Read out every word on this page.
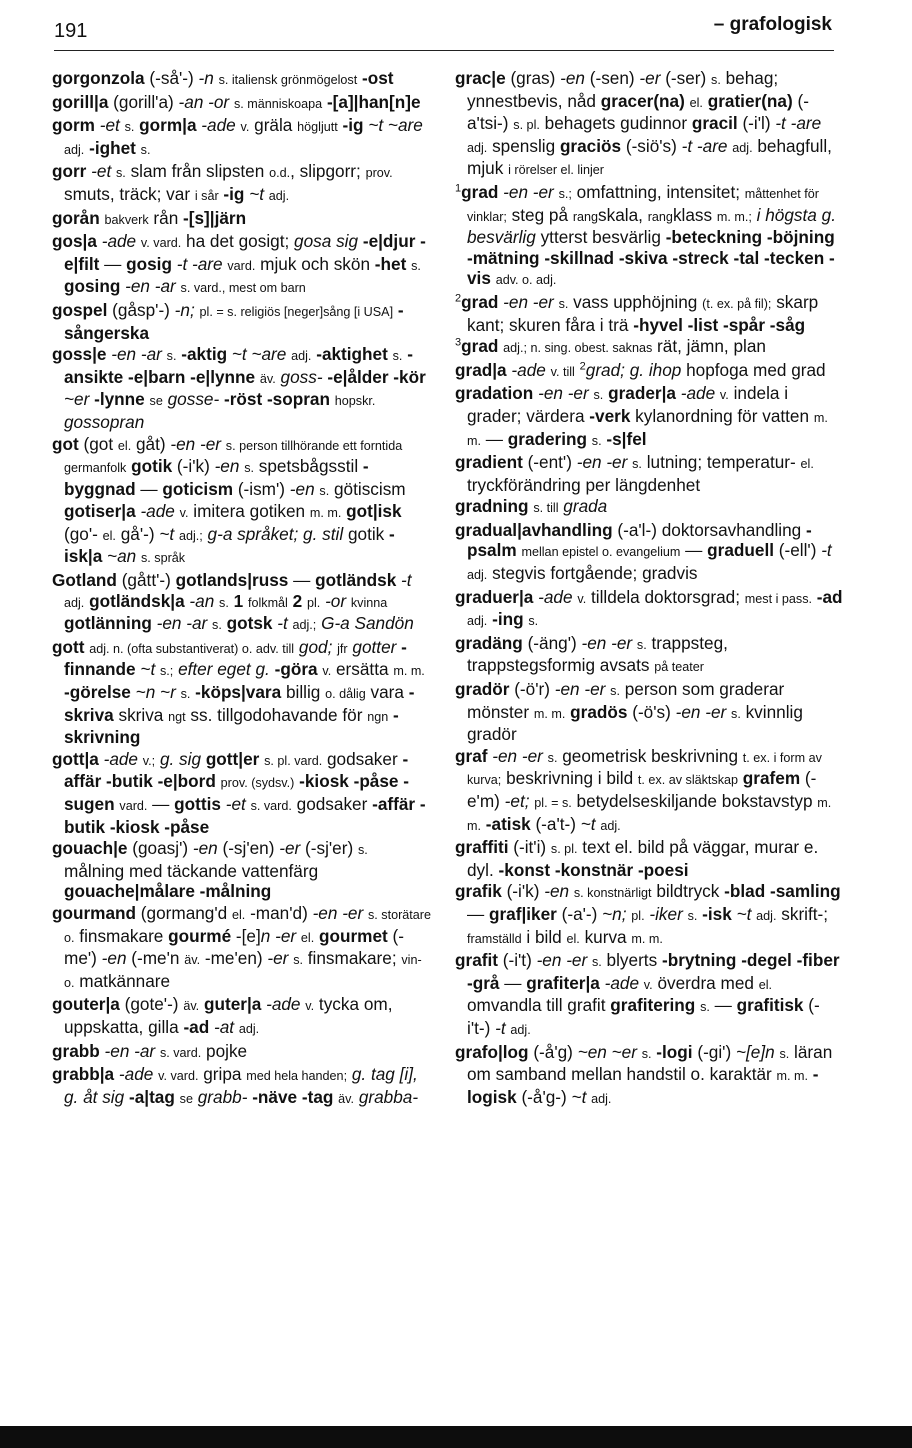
191	– grafologisk
gorgonzola (-så'-) -n s. italiensk grönmögelost -ost
gorill|a (gorill'a) -an -or s. människoapa -[a]|han[n]e
gorm -et s. gorm|a -ade v. gräla högljutt -ig ~t ~are adj. -ighet s.
gorr -et s. slam från slipsten o.d., slipgorr; prov. smuts, träck; var i sår -ig ~t adj.
gorån bakverk rån -[s]|järn
gos|a -ade v. vard. ha det gosigt; gosa sig -e|djur -e|filt — gosig -t -are vard. mjuk och skön -het s. gosing -en -ar s. vard., mest om barn
gospel (gåsp'-) -n; pl. = s. religiös [neger]sång [i USA] -sångerska
goss|e -en -ar s. -aktig ~t ~are adj. -aktighet s. -ansikte -e|barn -e|lynne äv. goss- -e|ålder -kör ~er -lynne se gosse- -röst -sopran hopskr. gossopran
got (got el. gåt) -en -er s. person tillhörande ett forntida germanfolk gotik (-i'k) -en s. spetsbågsstil -byggnad — goticism (-ism') -en s. götiscism gotiser|a -ade v. imitera gotiken m. m. got|isk (go'- el. gå'-) ~t adj.; g-a språket; g. stil gotik -isk|a ~an s. språk
Gotland (gått'-) gotlands|russ — gotländsk -t adj. gotländsk|a -an s. 1 folkmål 2 pl. -or kvinna gotlänning -en -ar s. gotsk -t adj.; G-a Sandön
gott adj. n. (ofta substantiverat) o. adv. till god; jfr gotter -finnande ~t s.; efter eget g. -göra v. ersätta m. m. -görelse ~n ~r s. -köps|vara billig o. dålig vara -skriva skriva ngt ss. tillgodohavande för ngn -skrivning
gott|a -ade v.; g. sig gott|er s. pl. vard. godsaker -affär -butik -e|bord prov. (sydsv.) -kiosk -påse -sugen vard. — gottis -et s. vard. godsaker -affär -butik -kiosk -påse
gouach|e (goasj') -en (-sj'en) -er (-sj'er) s. målning med täckande vattenfärg gouache|målare -målning
gourmand (gormang'd el. -man'd) -en -er s. storätare o. finsmakare gourmé -[e]n -er el. gourmet (-me') -en (-me'n äv. -me'en) -er s. finsmakare; vin- o. matkännare
gouter|a (gote'-) äv. guter|a -ade v. tycka om, uppskatta, gilla -ad -at adj.
grabb -en -ar s. vard. pojke
grabb|a -ade v. vard. gripa med hela handen; g. tag [i], g. åt sig -a|tag se grabb- -näve -tag äv. grabba-
grac|e (gras) -en (-sen) -er (-ser) s. behag; ynnestbevis, nåd gracer(na) el. gratier(na) (-a'tsi-) s. pl. behagets gudinnor gracil (-i'l) -t -are adj. spenslig graciös (-siö's) -t -are adj. behagfull, mjuk i rörelser el. linjer
$^1$grad -en -er s.; omfattning, intensitet; måttenhet för vinklar; steg på rangskala, rangklass m. m.; i högsta g. besvärlig ytterst besvärlig -beteckning -böjning -mätning -skillnad -skiva -streck -tal -tecken -vis adv. o. adj.
$^2$grad -en -er s. vass upphöjning (t. ex. på fil); skarp kant; skuren fåra i trä -hyvel -list -spår -såg
$^3$grad adj.; n. sing. obest. saknas rät, jämn, plan
grad|a -ade v. till $^2$grad; g. ihop hopfoga med grad
gradation -en -er s. grader|a -ade v. indela i grader; värdera -verk kylanordning för vatten m. m. — gradering s. -s|fel
gradient (-ent') -en -er s. lutning; temperatur- el. tryckförändring per längdenhet
gradning s. till grada
gradual|avhandling (-a'l-) doktorsavhandling -psalm mellan epistel o. evangelium — graduell (-ell') -t adj. stegvis fortgående; gradvis
graduer|a -ade v. tilldela doktorsgrad; mest i pass. -ad adj. -ing s.
gradäng (-äng') -en -er s. trappsteg, trappstegsformig avsats på teater
gradör (-ö'r) -en -er s. person som graderar mönster m. m. gradös (-ö's) -en -er s. kvinnlig gradör
graf -en -er s. geometrisk beskrivning t. ex. i form av kurva; beskrivning i bild t. ex. av släktskap grafem (-e'm) -et; pl. = s. betydelseskiljande bokstavstyp m. m. -atisk (-a't-) ~t adj.
graffiti (-it'i) s. pl. text el. bild på väggar, murar e. dyl. -konst -konstnär -poesi
grafik (-i'k) -en s. konstnärligt bildtryck -blad -samling — graf|iker (-a'-) ~n; pl. -iker s. -isk ~t adj. skrift-; framställd i bild el. kurva m. m.
grafit (-i't) -en -er s. blyerts -brytning -degel -fiber -grå — grafiter|a -ade v. överdra med el. omvandla till grafit grafitering s. — grafitisk (-i't-) -t adj.
grafo|log (-å'g) ~en ~er s. -logi (-gi') ~[e]n s. läran om samband mellan handstil o. karaktär m. m. -logisk (-å'g-) ~t adj.
